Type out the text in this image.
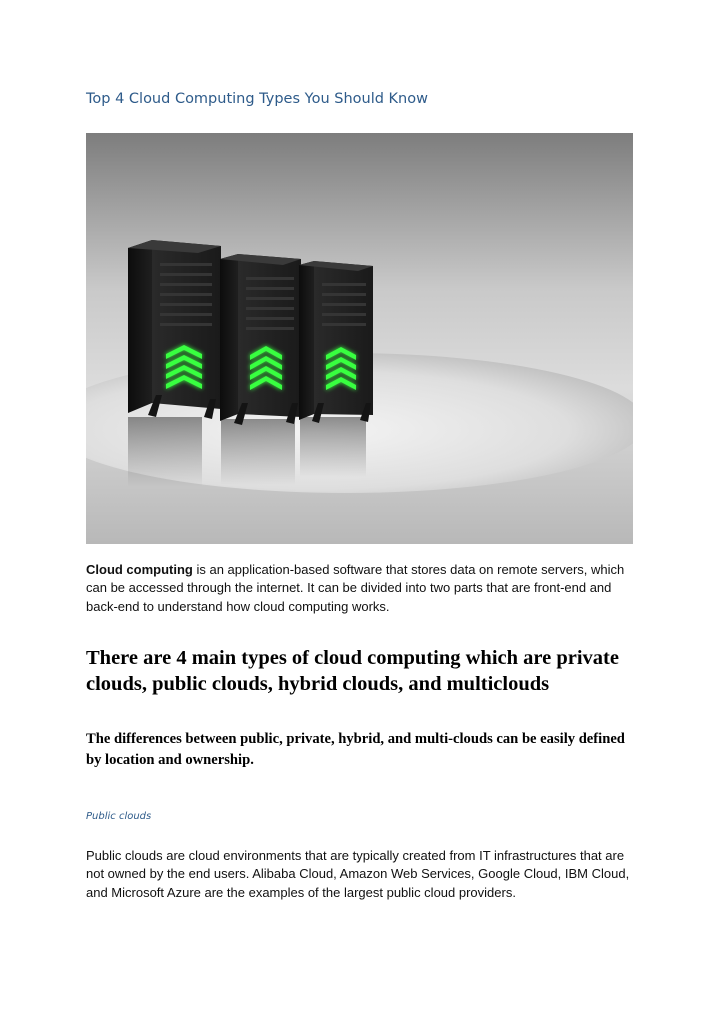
Top 4 Cloud Computing Types You Should Know

Cloud computing is an application-based software that stores data on remote servers, which can be accessed through the internet. It can be divided into two parts that are front-end and back-end to understand how cloud computing works.

There are 4 main types of cloud computing which are private clouds, public clouds, hybrid clouds, and multiclouds
The differences between public, private, hybrid, and multi-clouds can be easily defined by location and ownership.

Public clouds

Public clouds are cloud environments that are typically created from IT infrastructures that are not owned by the end users. Alibaba Cloud, Amazon Web Services, Google Cloud, IBM Cloud, and Microsoft Azure are the examples of the largest public cloud providers.
